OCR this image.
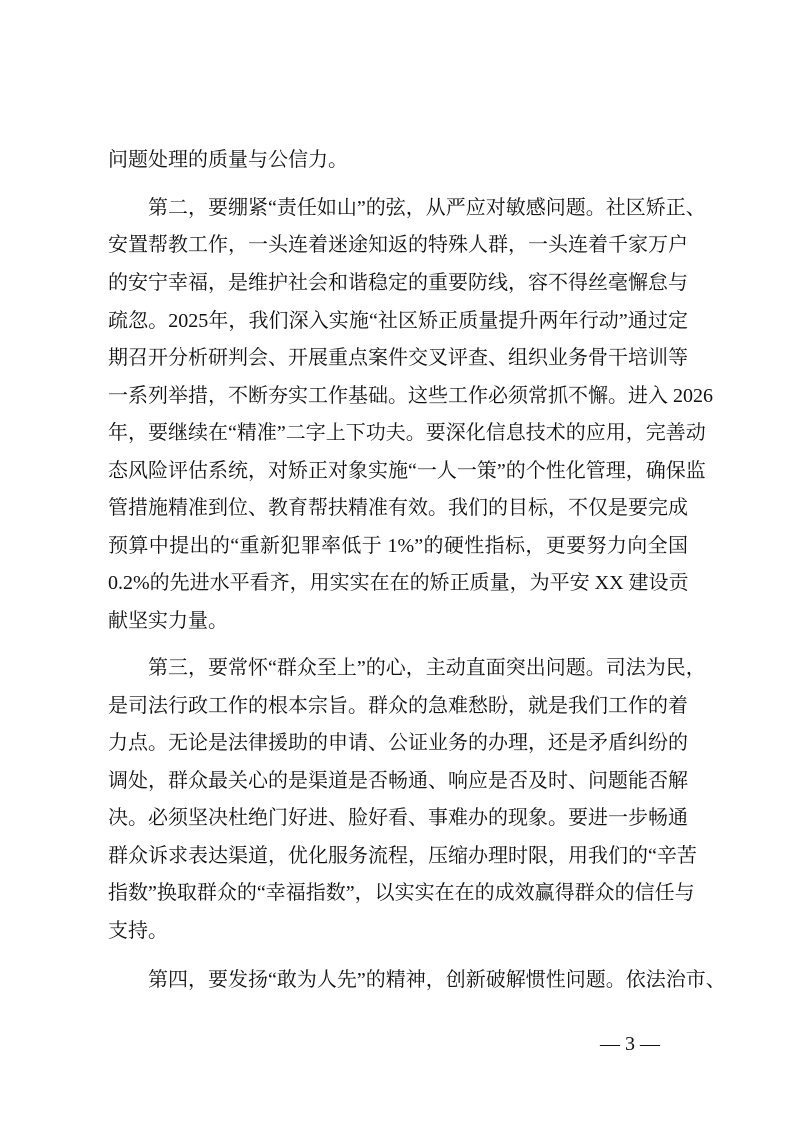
问题处理的质量与公信力。
第二，要绷紧“责任如山”的弦，从严应对敏感问题。社区矫正、
安置帮教工作，一头连着迷途知返的特殊人群，一头连着千家万户
的安宁幸福，是维护社会和谐稳定的重要防线，容不得丝毫懈怠与
疏忽。2025年，我们深入实施“社区矫正质量提升两年行动”通过定
期召开分析研判会、开展重点案件交叉评查、组织业务骨干培训等
一系列举措，不断夯实工作基础。这些工作必须常抓不懈。进入 2026
年，要继续在“精准”二字上下功夫。要深化信息技术的应用，完善动
态风险评估系统，对矫正对象实施“一人一策”的个性化管理，确保监
管措施精准到位、教育帮扶精准有效。我们的目标，不仅是要完成
预算中提出的“重新犯罪率低于 1%”的硬性指标，更要努力向全国
0.2%的先进水平看齐，用实实在在的矫正质量，为平安 XX 建设贡
献坚实力量。
第三，要常怀“群众至上”的心，主动直面突出问题。司法为民，
是司法行政工作的根本宗旨。群众的急难愁盼，就是我们工作的着
力点。无论是法律援助的申请、公证业务的办理，还是矛盾纠纷的
调处，群众最关心的是渠道是否畅通、响应是否及时、问题能否解
决。必须坚决杜绝门好进、脸好看、事难办的现象。要进一步畅通
群众诉求表达渠道，优化服务流程，压缩办理时限，用我们的“辛苦
指数”换取群众的“幸福指数”，以实实在在的成效赢得群众的信任与
支持。
第四，要发扬“敢为人先”的精神，创新破解惯性问题。依法治市、
— 3 —
